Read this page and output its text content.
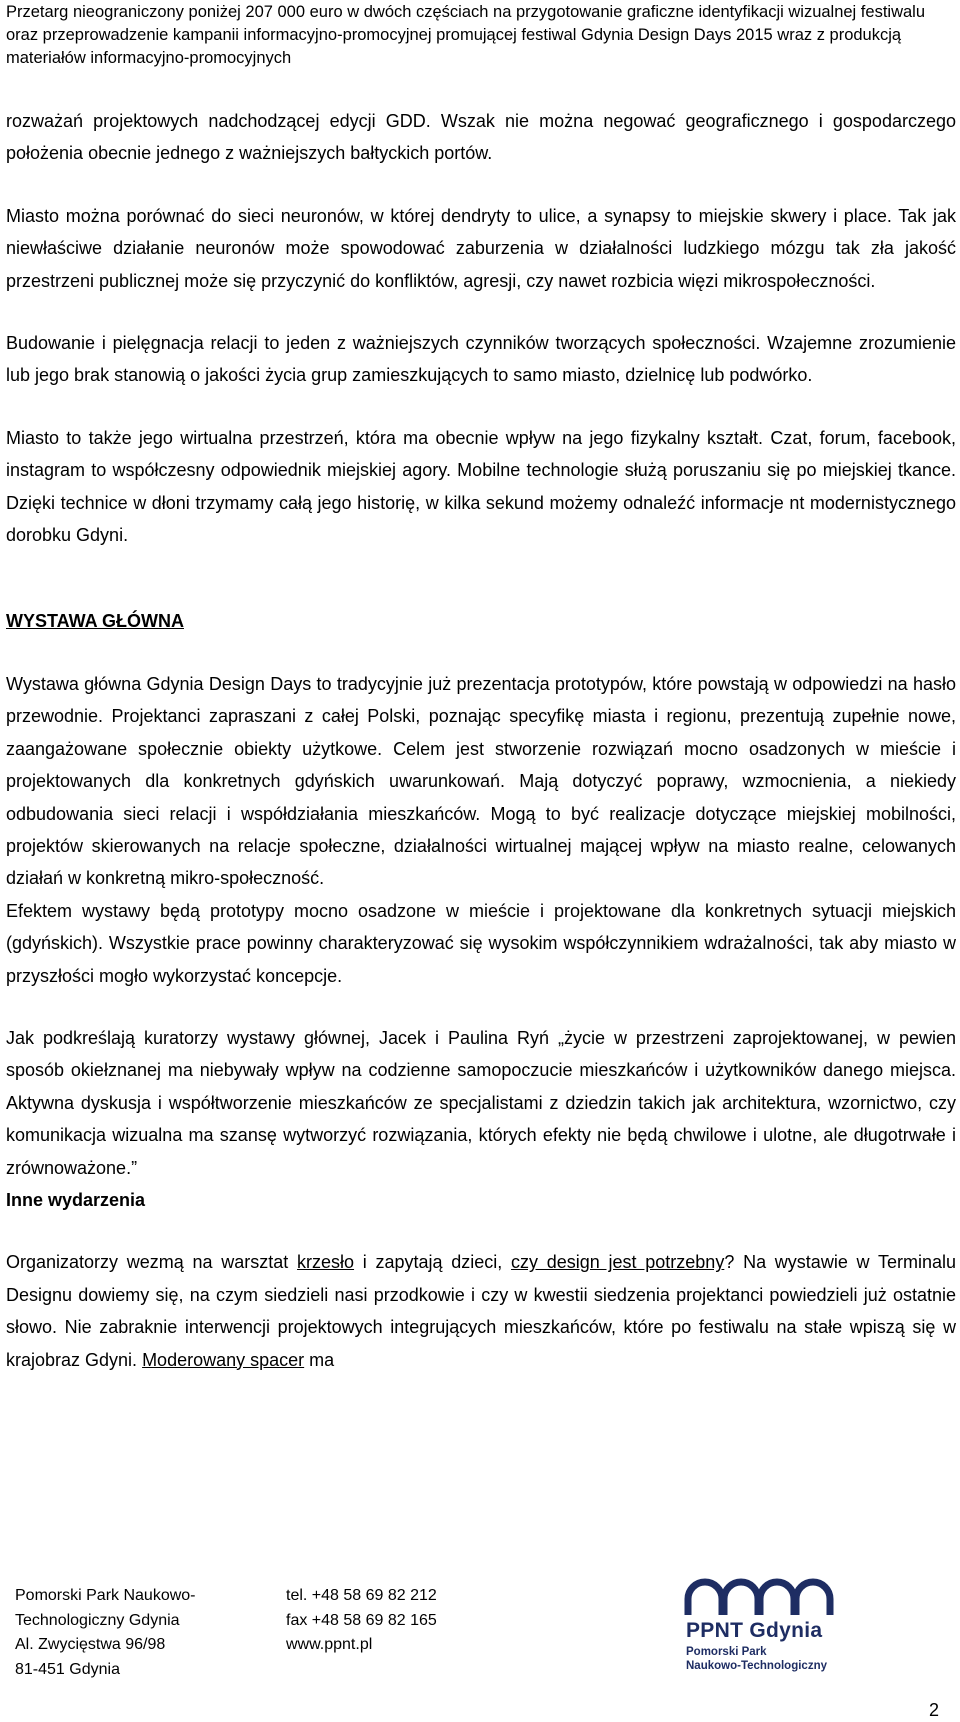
Przetarg nieograniczony poniżej 207 000 euro w dwóch częściach na przygotowanie graficzne identyfikacji wizualnej festiwalu
oraz przeprowadzenie kampanii informacyjno-promocyjnej promującej festiwal Gdynia Design Days 2015 wraz z produkcją
materiałów informacyjno-promocyjnych

rozważań projektowych nadchodzącej edycji GDD. Wszak nie można negować geograficznego i gospodarczego położenia obecnie jednego z ważniejszych bałtyckich portów.

Miasto można porównać do sieci neuronów, w której dendryty to ulice, a synapsy to miejskie skwery i place. Tak jak niewłaściwe działanie neuronów może spowodować zaburzenia w działalności ludzkiego mózgu tak zła jakość przestrzeni publicznej może się przyczynić do konfliktów, agresji, czy nawet rozbicia więzi mikrospołeczności.

Budowanie i pielęgnacja relacji to jeden z ważniejszych czynników tworzących społeczności. Wzajemne zrozumienie lub jego brak stanowią o jakości życia grup zamieszkujących to samo miasto, dzielnicę lub podwórko.

Miasto to także jego wirtualna przestrzeń, która ma obecnie wpływ na jego fizykalny kształt. Czat, forum, facebook, instagram to współczesny odpowiednik miejskiej agory. Mobilne technologie służą poruszaniu się po miejskiej tkance. Dzięki technice w dłoni trzymamy całą jego historię, w kilka sekund możemy odnaleźć informacje nt modernistycznego dorobku Gdyni.

WYSTAWA GŁÓWNA

Wystawa główna Gdynia Design Days to tradycyjnie już prezentacja prototypów, które powstają w odpowiedzi na hasło przewodnie. Projektanci zapraszani z całej Polski, poznając specyfikę miasta i regionu, prezentują zupełnie nowe, zaangażowane społecznie obiekty użytkowe. Celem jest stworzenie rozwiązań mocno osadzonych w mieście i projektowanych dla konkretnych gdyńskich uwarunkowań. Mają dotyczyć poprawy, wzmocnienia, a niekiedy odbudowania sieci relacji i współdziałania mieszkańców. Mogą to być realizacje dotyczące miejskiej mobilności, projektów skierowanych na relacje społeczne, działalności wirtualnej mającej wpływ na miasto realne, celowanych działań w konkretną mikro-społeczność.

Efektem wystawy będą prototypy mocno osadzone w mieście i projektowane dla konkretnych sytuacji miejskich (gdyńskich). Wszystkie prace powinny charakteryzować się wysokim współczynnikiem wdrażalności, tak aby miasto w przyszłości mogło wykorzystać koncepcje.

Jak podkreślają kuratorzy wystawy głównej, Jacek i Paulina Ryń „życie w przestrzeni zaprojektowanej, w pewien sposób okiełznanej ma niebywały wpływ na codzienne samopoczucie mieszkańców i użytkowników danego miejsca. Aktywna dyskusja i współtworzenie mieszkańców ze specjalistami z dziedzin takich jak architektura, wzornictwo, czy komunikacja wizualna ma szansę wytworzyć rozwiązania, których efekty nie będą chwilowe i ulotne, ale długotrwałe i zrównoważone.”

Inne wydarzenia

Organizatorzy wezmą na warsztat krzesło i zapytają dzieci, czy design jest potrzebny? Na wystawie w Terminalu Designu dowiemy się, na czym siedzieli nasi przodkowie i czy w kwestii siedzenia projektanci powiedzieli już ostatnie słowo. Nie zabraknie interwencji projektowych integrujących mieszkańców, które po festiwalu na stałe wpiszą się w krajobraz Gdyni. Moderowany spacer ma

Pomorski Park Naukowo-
Technologiczny Gdynia
Al. Zwycięstwa 96/98
81-451 Gdynia
tel. +48 58 69 82 212
fax +48 58 69 82 165
www.ppnt.pl
PPNT Gdynia
Pomorski Park
Naukowo-Technologiczny
2
